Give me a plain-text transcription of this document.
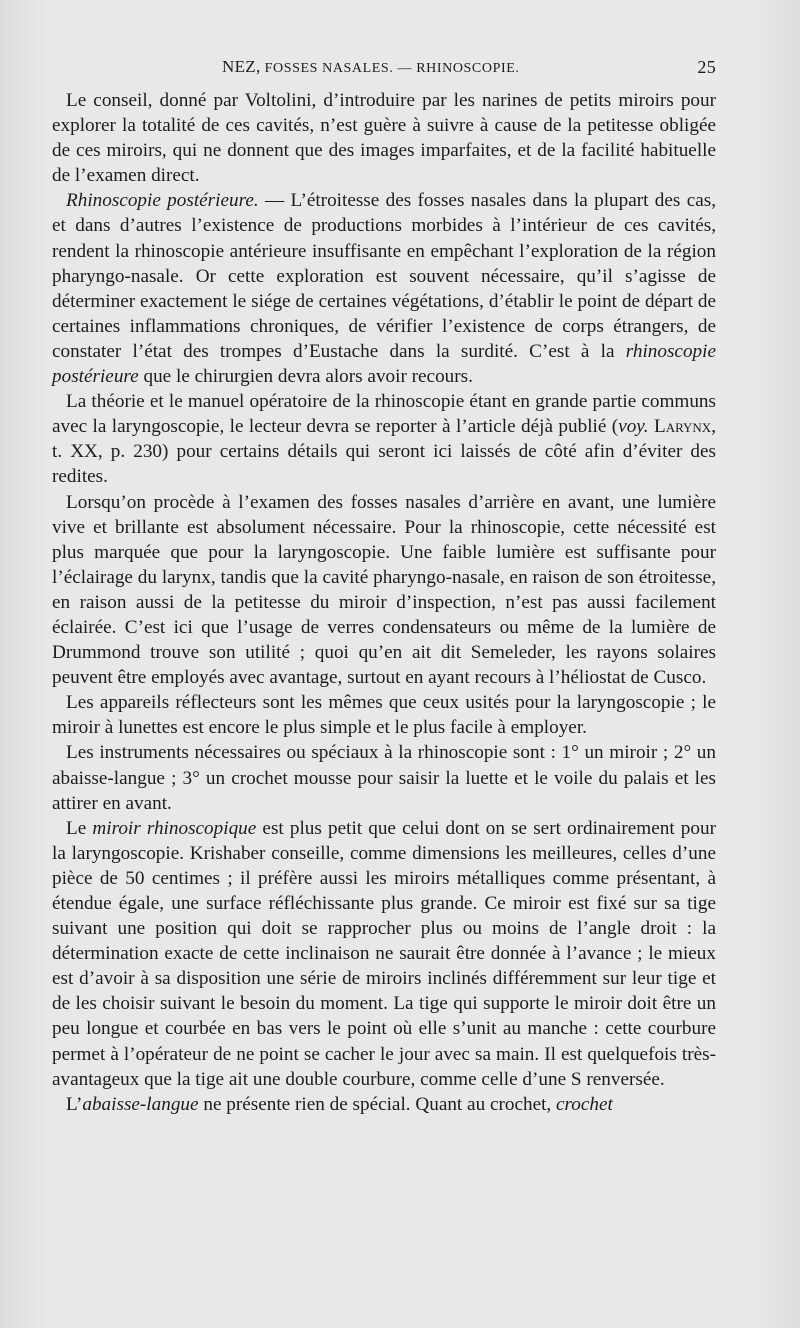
NEZ, FOSSES NASALES. — RHINOSCOPIE.	25

Le conseil, donné par Voltolini, d’introduire par les narines de petits miroirs pour explorer la totalité de ces cavités, n’est guère à suivre à cause de la petitesse obligée de ces miroirs, qui ne donnent que des images imparfaites, et de la facilité habituelle de l’examen direct.

Rhinoscopie postérieure. — L’étroitesse des fosses nasales dans la plupart des cas, et dans d’autres l’existence de productions morbides à l’intérieur de ces cavités, rendent la rhinoscopie antérieure insuffisante en empêchant l’exploration de la région pharyngo-nasale. Or cette exploration est souvent nécessaire, qu’il s’agisse de déterminer exactement le siége de certaines végétations, d’établir le point de départ de certaines inflammations chroniques, de vérifier l’existence de corps étrangers, de constater l’état des trompes d’Eustache dans la surdité. C’est à la rhinoscopie postérieure que le chirurgien devra alors avoir recours.

La théorie et le manuel opératoire de la rhinoscopie étant en grande partie communs avec la laryngoscopie, le lecteur devra se reporter à l’article déjà publié (voy. Larynx, t. XX, p. 230) pour certains détails qui seront ici laissés de côté afin d’éviter des redites.

Lorsqu’on procède à l’examen des fosses nasales d’arrière en avant, une lumière vive et brillante est absolument nécessaire. Pour la rhinoscopie, cette nécessité est plus marquée que pour la laryngoscopie. Une faible lumière est suffisante pour l’éclairage du larynx, tandis que la cavité pharyngo-nasale, en raison de son étroitesse, en raison aussi de la petitesse du miroir d’inspection, n’est pas aussi facilement éclairée. C’est ici que l’usage de verres condensateurs ou même de la lumière de Drummond trouve son utilité ; quoi qu’en ait dit Semeleder, les rayons solaires peuvent être employés avec avantage, surtout en ayant recours à l’héliostat de Cusco.

Les appareils réflecteurs sont les mêmes que ceux usités pour la laryngoscopie ; le miroir à lunettes est encore le plus simple et le plus facile à employer.

Les instruments nécessaires ou spéciaux à la rhinoscopie sont : 1° un miroir ; 2° un abaisse-langue ; 3° un crochet mousse pour saisir la luette et le voile du palais et les attirer en avant.

Le miroir rhinoscopique est plus petit que celui dont on se sert ordinairement pour la laryngoscopie. Krishaber conseille, comme dimensions les meilleures, celles d’une pièce de 50 centimes ; il préfère aussi les miroirs métalliques comme présentant, à étendue égale, une surface réfléchissante plus grande. Ce miroir est fixé sur sa tige suivant une position qui doit se rapprocher plus ou moins de l’angle droit : la détermination exacte de cette inclinaison ne saurait être donnée à l’avance ; le mieux est d’avoir à sa disposition une série de miroirs inclinés différemment sur leur tige et de les choisir suivant le besoin du moment. La tige qui supporte le miroir doit être un peu longue et courbée en bas vers le point où elle s’unit au manche : cette courbure permet à l’opérateur de ne point se cacher le jour avec sa main. Il est quelquefois très-avantageux que la tige ait une double courbure, comme celle d’une S renversée.

L’abaisse-langue ne présente rien de spécial. Quant au crochet, crochet
